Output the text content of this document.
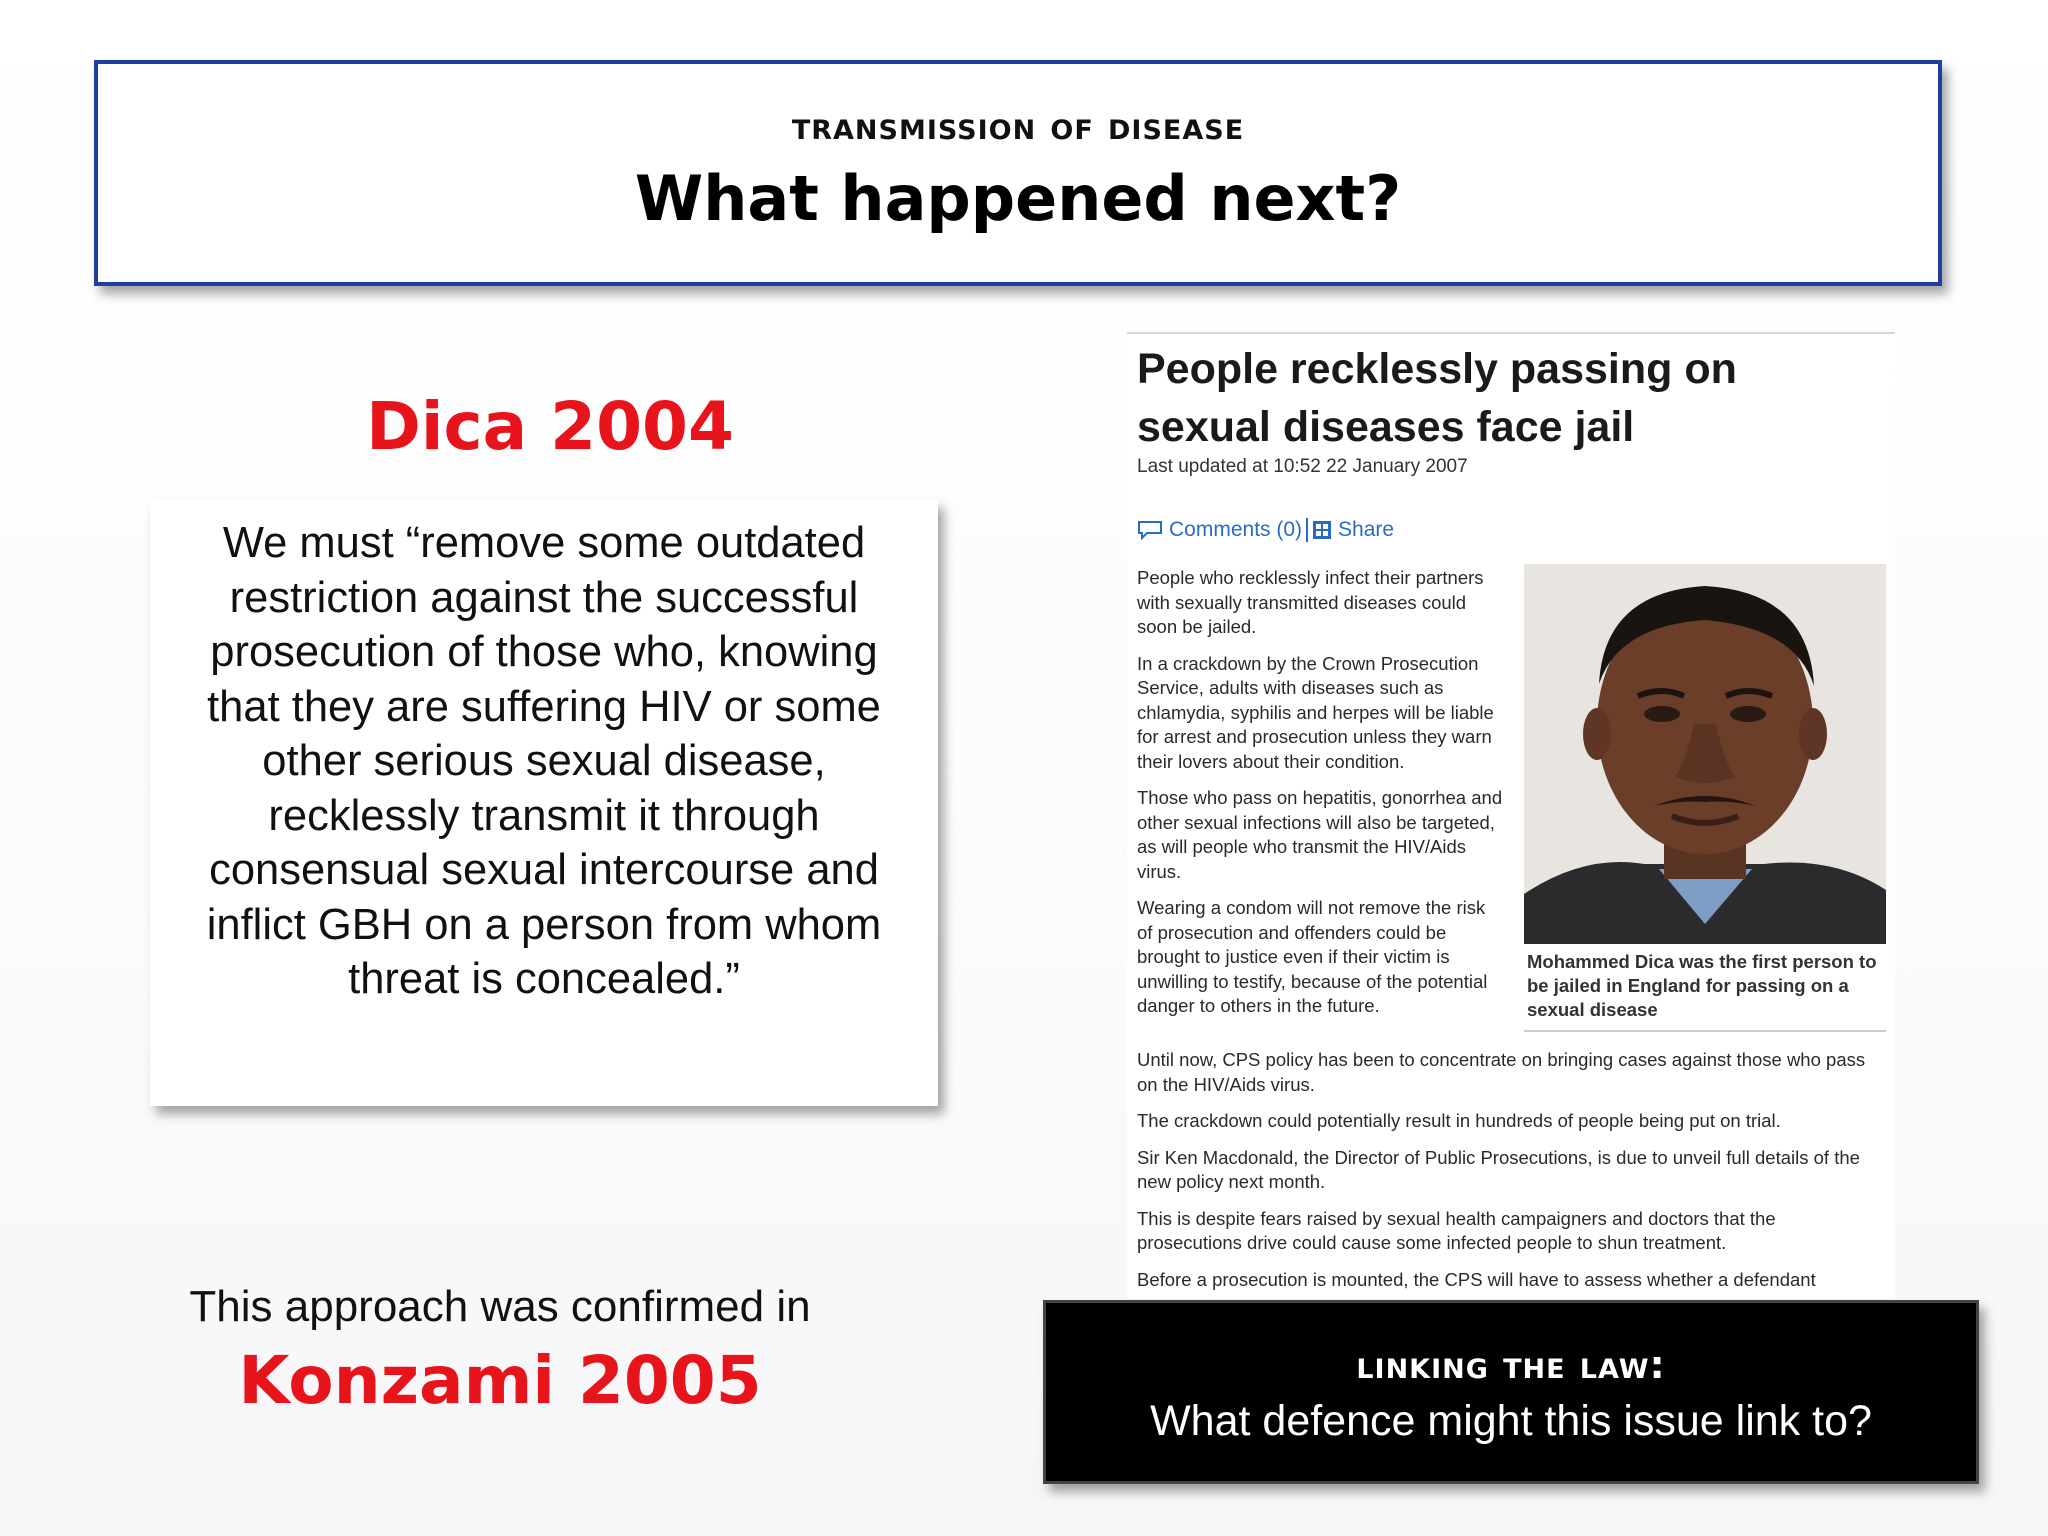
transmission of disease
What happened next?
Dica 2004
We must “remove some outdated restriction against the successful prosecution of those who, knowing that they are suffering HIV or some other serious sexual disease, recklessly transmit it through consensual sexual intercourse and inflict GBH on a person from whom threat is concealed.”
This approach was confirmed in
Konzami 2005
People recklessly passing on sexual diseases face jail
Last updated at 10:52 22 January 2007
Comments (0) Share

People who recklessly infect their partners with sexually transmitted diseases could soon be jailed.

In a crackdown by the Crown Prosecution Service, adults with diseases such as chlamydia, syphilis and herpes will be liable for arrest and prosecution unless they warn their lovers about their condition.

Those who pass on hepatitis, gonorrhea and other sexual infections will also be targeted, as will people who transmit the HIV/Aids virus.

Wearing a condom will not remove the risk of prosecution and offenders could be brought to justice even if their victim is unwilling to testify, because of the potential danger to others in the future.

Mohammed Dica was the first person to be jailed in England for passing on a sexual disease

Until now, CPS policy has been to concentrate on bringing cases against those who pass on the HIV/Aids virus.

The crackdown could potentially result in hundreds of people being put on trial.

Sir Ken Macdonald, the Director of Public Prosecutions, is due to unveil full details of the new policy next month.

This is despite fears raised by sexual health campaigners and doctors that the prosecutions drive could cause some infected people to shun treatment.

Before a prosecution is mounted, the CPS will have to assess whether a defendant

linking the law:
What defence might this issue link to?
